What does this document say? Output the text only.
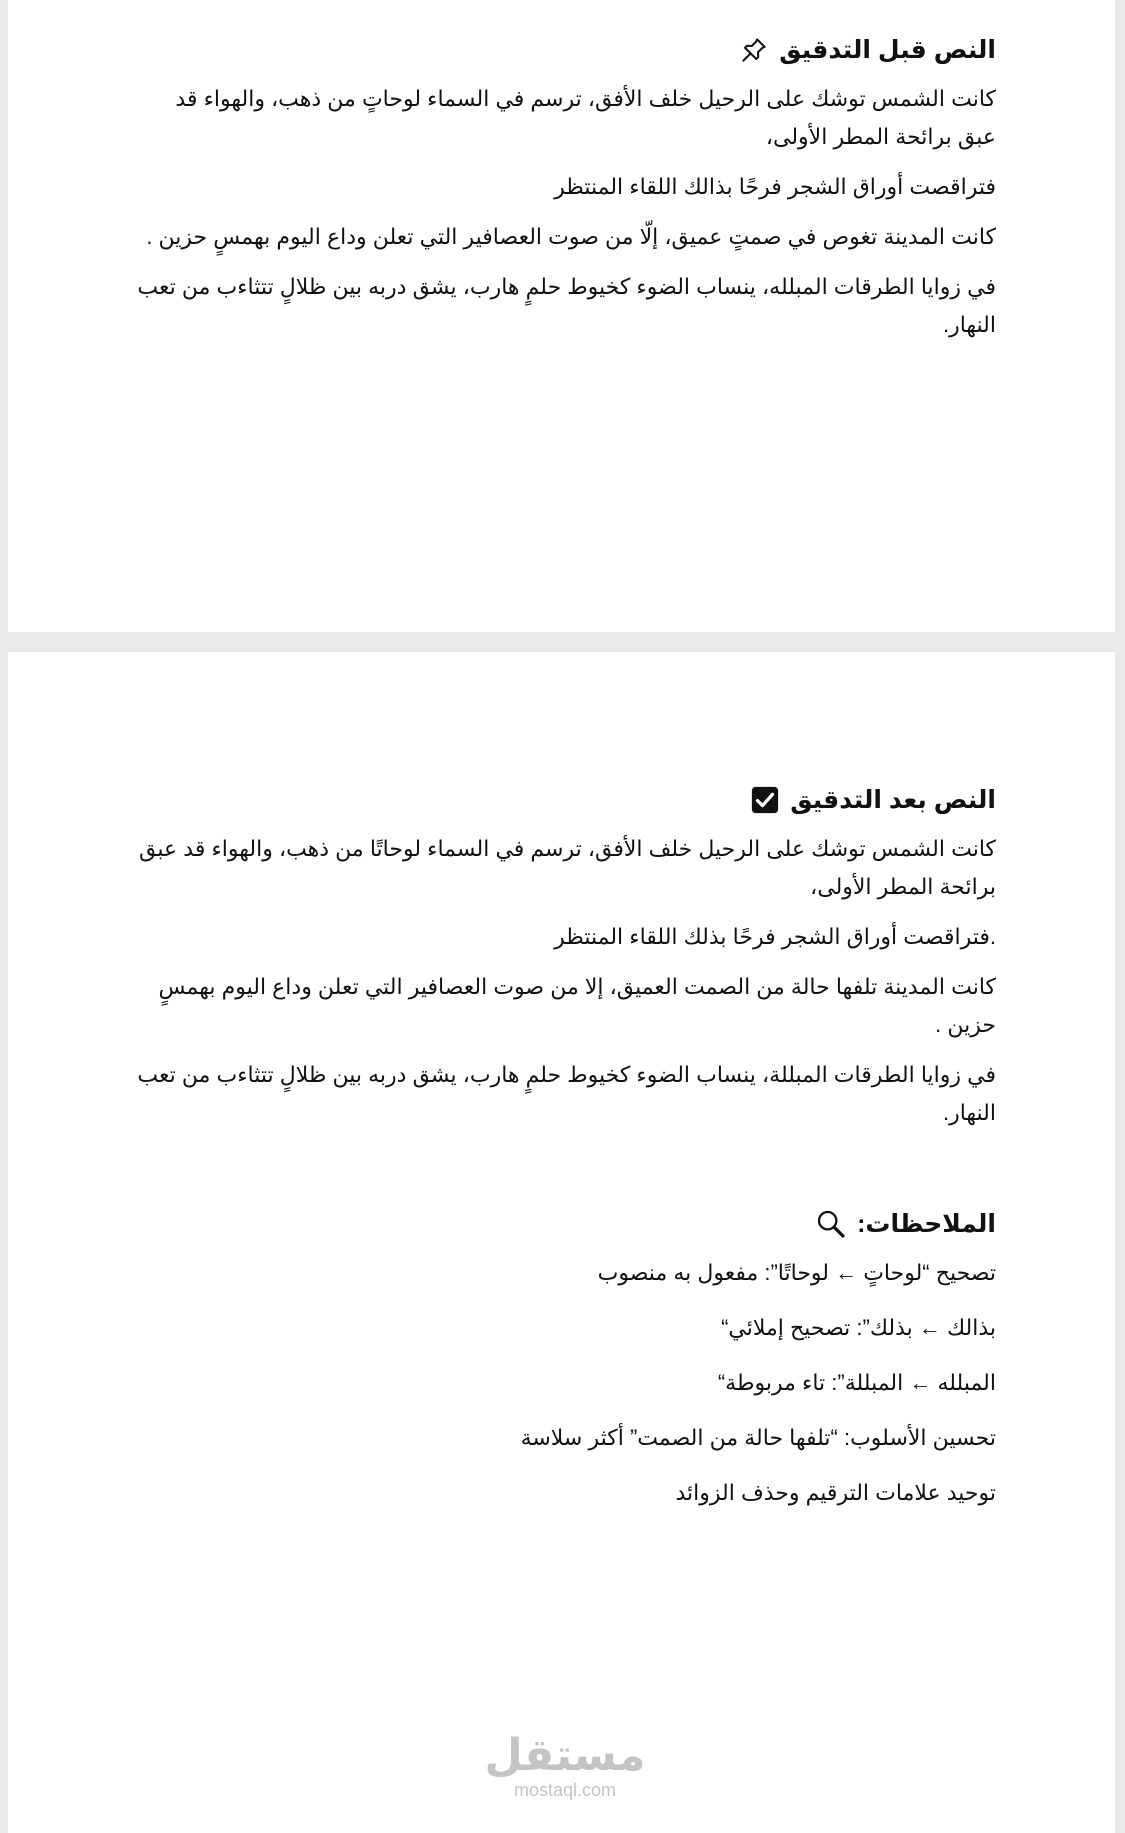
النص قبل التدقيق

كانت الشمس توشك على الرحيل خلف الأفق، ترسم في السماء لوحاتٍ من ذهب، والهواء قد عبق برائحة المطر الأولى،

فتراقصت أوراق الشجر فرحًا بذالك اللقاء المنتظر

كانت المدينة تغوص في صمتٍ عميق، إلّا من صوت العصافير التي تعلن وداع اليوم بهمسٍ حزين .

في زوايا الطرقات المبلله، ينساب الضوء كخيوط حلمٍ هارب، يشق دربه بين ظلالٍ تتثاءب من تعب النهار.

النص بعد التدقيق

كانت الشمس توشك على الرحيل خلف الأفق، ترسم في السماء لوحاتًا من ذهب، والهواء قد عبق برائحة المطر الأولى،

.فتراقصت أوراق الشجر فرحًا بذلك اللقاء المنتظر

كانت المدينة تلفها حالة من الصمت العميق، إلا من صوت العصافير التي تعلن وداع اليوم بهمسٍ حزين .

في زوايا الطرقات المبللة، ينساب الضوء كخيوط حلمٍ هارب، يشق دربه بين ظلالٍ تتثاءب من تعب النهار.

الملاحظات:

تصحيح “لوحاتٍ ← لوحاتًا”: مفعول به منصوب

بذالك ← بذلك”: تصحيح إملائي“

المبلله ← المبللة”: تاء مربوطة“

تحسين الأسلوب: “تلفها حالة من الصمت” أكثر سلاسة

توحيد علامات الترقيم وحذف الزوائد

مستقل
mostaql.com
